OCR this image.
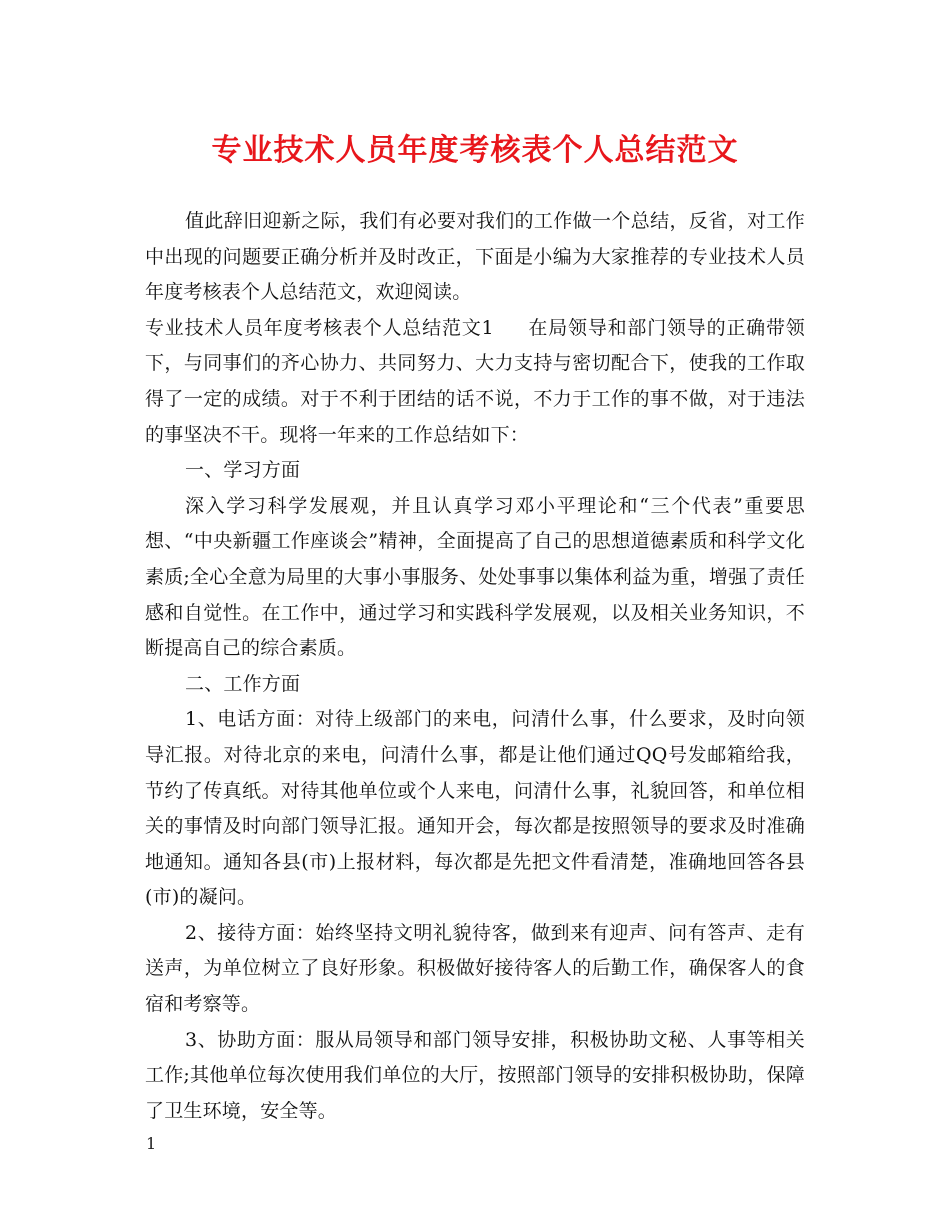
专业技术人员年度考核表个人总结范文

值此辞旧迎新之际，我们有必要对我们的工作做一个总结，反省，对工作中出现的问题要正确分析并及时改正，下面是小编为大家推荐的专业技术人员年度考核表个人总结范文，欢迎阅读。

专业技术人员年度考核表个人总结范文1 在局领导和部门领导的正确带领下，与同事们的齐心协力、共同努力、大力支持与密切配合下，使我的工作取得了一定的成绩。对于不利于团结的话不说，不力于工作的事不做，对于违法的事坚决不干。现将一年来的工作总结如下：

一、学习方面

深入学习科学发展观，并且认真学习邓小平理论和“三个代表”重要思想、“中央新疆工作座谈会”精神，全面提高了自己的思想道德素质和科学文化素质;全心全意为局里的大事小事服务、处处事事以集体利益为重，增强了责任感和自觉性。在工作中，通过学习和实践科学发展观，以及相关业务知识，不断提高自己的综合素质。

二、工作方面

1、电话方面：对待上级部门的来电，问清什么事，什么要求，及时向领导汇报。对待北京的来电，问清什么事，都是让他们通过QQ号发邮箱给我，节约了传真纸。对待其他单位或个人来电，问清什么事，礼貌回答，和单位相关的事情及时向部门领导汇报。通知开会，每次都是按照领导的要求及时准确地通知。通知各县(市)上报材料，每次都是先把文件看清楚，准确地回答各县(市)的凝问。

2、接待方面：始终坚持文明礼貌待客，做到来有迎声、问有答声、走有送声，为单位树立了良好形象。积极做好接待客人的后勤工作，确保客人的食宿和考察等。

3、协助方面：服从局领导和部门领导安排，积极协助文秘、人事等相关工作;其他单位每次使用我们单位的大厅，按照部门领导的安排积极协助，保障了卫生环境，安全等。

1
